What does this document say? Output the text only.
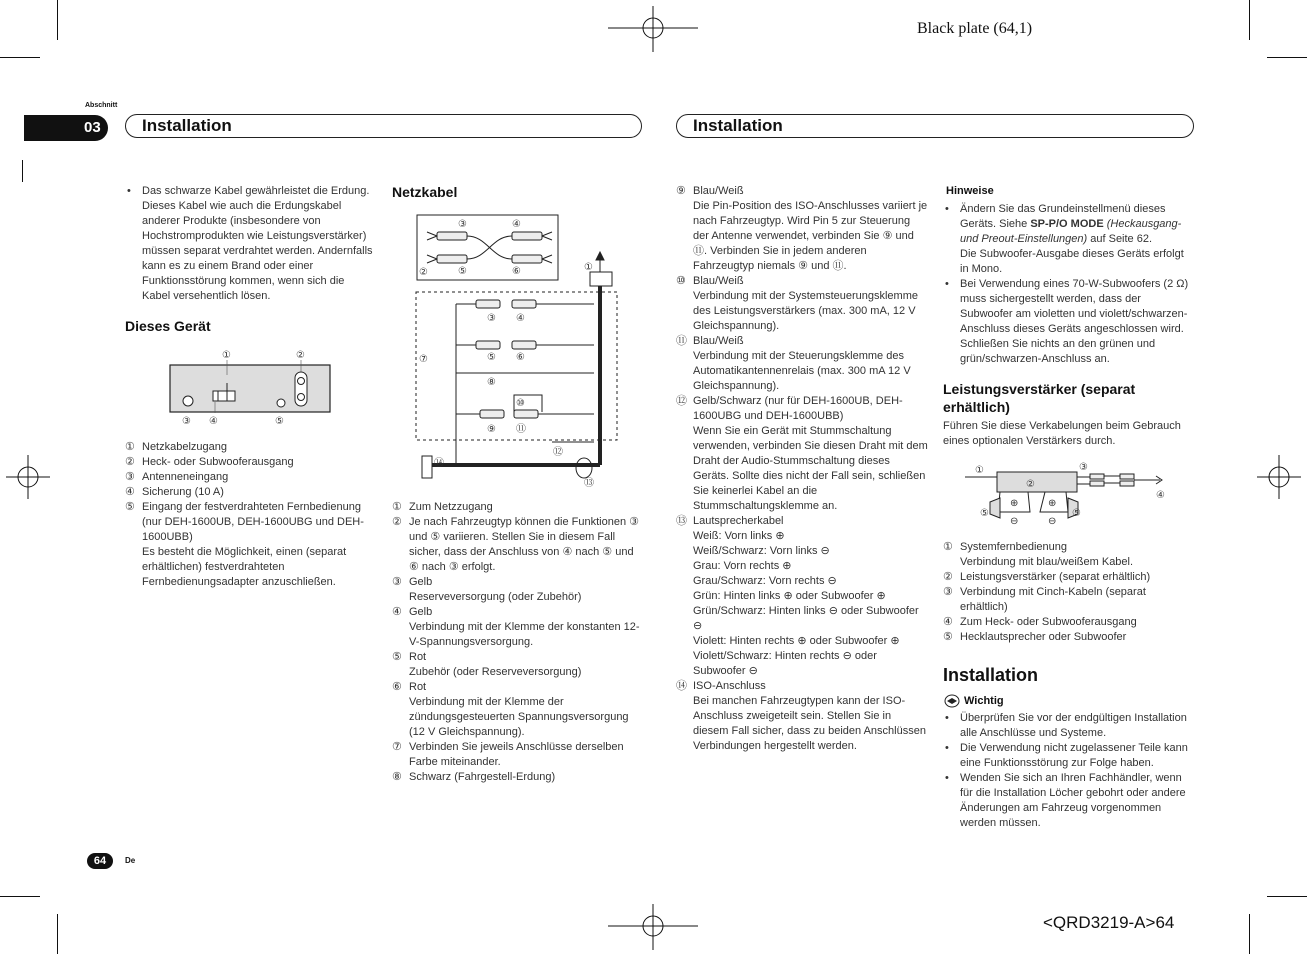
Black plate (64,1)
Abschnitt
03 Installation	Installation
• Das schwarze Kabel gewährleistet die Erdung. Dieses Kabel wie auch die Erdungskabel anderer Produkte (insbesondere von Hochstromprodukten wie Leistungsverstärker) müssen separat verdrahtet werden. Andernfalls kann es zu einem Brand oder einer Funktionsstörung kommen, wenn sich die Kabel versehentlich lösen.
Dieses Gerät
①	②
③ ④	⑤
① Netzkabelzugang
② Heck- oder Subwooferausgang
③ Antenneneingang
④ Sicherung (10 A)
⑤ Eingang der festverdrahteten Fernbedienung (nur DEH-1600UB, DEH-1600UBG und DEH-1600UBB)
Es besteht die Möglichkeit, einen (separat erhältlichen) festverdrahteten Fernbedienungsadapter anzuschließen.
Netzkabel
①
③	④
②	⑤	⑥
③ ④
⑤ ⑥
⑦
⑧
⑩
⑨ ⑪
⑫
⑬
⑭
① Zum Netzzugang
② Je nach Fahrzeugtyp können die Funktionen ③ und ⑤ variieren. Stellen Sie in diesem Fall sicher, dass der Anschluss von ④ nach ⑤ und ⑥ nach ③ erfolgt.
③ Gelb
Reserveversorgung (oder Zubehör)
④ Gelb
Verbindung mit der Klemme der konstanten 12-V-Spannungsversorgung.
⑤ Rot
Zubehör (oder Reserveversorgung)
⑥ Rot
Verbindung mit der Klemme der zündungsgesteuerten Spannungsversorgung (12 V Gleichspannung).
⑦ Verbinden Sie jeweils Anschlüsse derselben Farbe miteinander.
⑧ Schwarz (Fahrgestell-Erdung)
⑨ Blau/Weiß
Die Pin-Position des ISO-Anschlusses variiert je nach Fahrzeugtyp. Wird Pin 5 zur Steuerung der Antenne verwendet, verbinden Sie ⑨ und ⑪. Verbinden Sie in jedem anderen Fahrzeugtyp niemals ⑨ und ⑪.
⑩ Blau/Weiß
Verbindung mit der Systemsteuerungsklemme des Leistungsverstärkers (max. 300 mA, 12 V Gleichspannung).
⑪ Blau/Weiß
Verbindung mit der Steuerungsklemme des Automatikantennenrelais (max. 300 mA 12 V Gleichspannung).
⑫ Gelb/Schwarz (nur für DEH-1600UB, DEH-1600UBG und DEH-1600UBB)
Wenn Sie ein Gerät mit Stummschaltung verwenden, verbinden Sie diesen Draht mit dem Draht der Audio-Stummschaltung dieses Geräts. Sollte dies nicht der Fall sein, schließen Sie keinerlei Kabel an die Stummschaltungsklemme an.
⑬ Lautsprecherkabel
Weiß: Vorn links ⊕
Weiß/Schwarz: Vorn links ⊖
Grau: Vorn rechts ⊕
Grau/Schwarz: Vorn rechts ⊖
Grün: Hinten links ⊕ oder Subwoofer ⊕
Grün/Schwarz: Hinten links ⊖ oder Subwoofer ⊖
Violett: Hinten rechts ⊕ oder Subwoofer ⊕
Violett/Schwarz: Hinten rechts ⊖ oder Subwoofer ⊖
⑭ ISO-Anschluss
Bei manchen Fahrzeugtypen kann der ISO-Anschluss zweigeteilt sein. Stellen Sie in diesem Fall sicher, dass zu beiden Anschlüssen Verbindungen hergestellt werden.
Hinweise
• Ändern Sie das Grundeinstellmenü dieses Geräts. Siehe SP-P/O MODE (Heckausgang- und Preout-Einstellungen) auf Seite 62.
Die Subwoofer-Ausgabe dieses Geräts erfolgt in Mono.
• Bei Verwendung eines 70-W-Subwoofers (2 Ω) muss sichergestellt werden, dass der Subwoofer am violetten und violett/schwarzen-Anschluss dieses Geräts angeschlossen wird. Schließen Sie nichts an den grünen und grün/schwarzen-Anschluss an.
Leistungsverstärker (separat erhältlich)
Führen Sie diese Verkabelungen beim Gebrauch eines optionalen Verstärkers durch.
①
②
③
④
⑤	⑤
⊕	⊕
⊖	⊖
① Systemfernbedienung
Verbindung mit blau/weißem Kabel.
② Leistungsverstärker (separat erhältlich)
③ Verbindung mit Cinch-Kabeln (separat erhältlich)
④ Zum Heck- oder Subwooferausgang
⑤ Hecklautsprecher oder Subwoofer
Installation
Wichtig
• Überprüfen Sie vor der endgültigen Installation alle Anschlüsse und Systeme.
• Die Verwendung nicht zugelassener Teile kann eine Funktionsstörung zur Folge haben.
• Wenden Sie sich an Ihren Fachhändler, wenn für die Installation Löcher gebohrt oder andere Änderungen am Fahrzeug vorgenommen werden müssen.
64	De
<QRD3219-A>64
